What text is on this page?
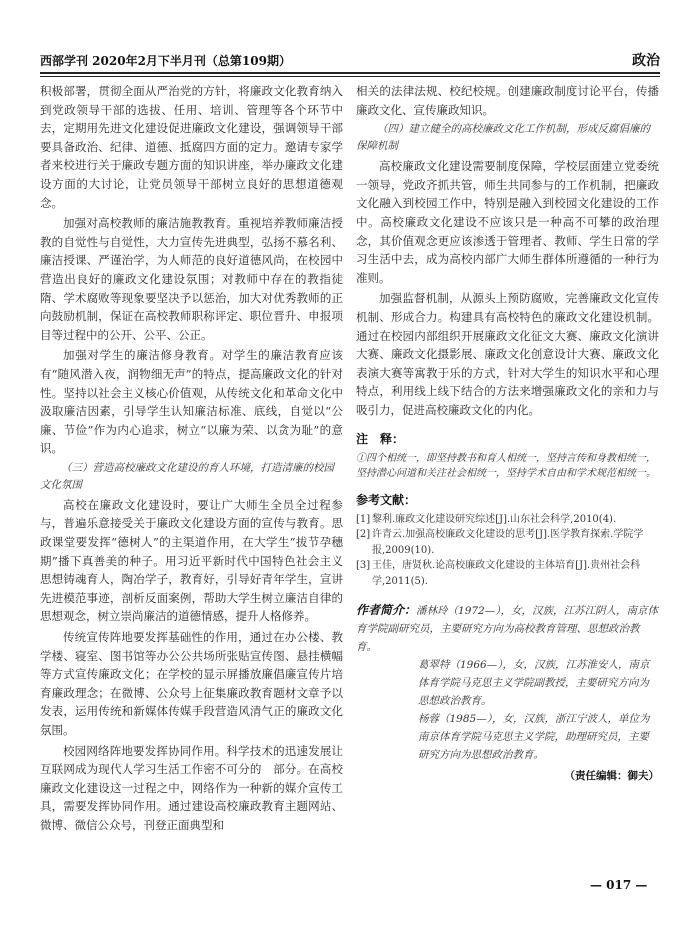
西部学刊 2020年2月下半月刊（总第109期）	政治

积极部署，贯彻全面从严治党的方针，将廉政文化教育纳入到党政领导干部的选拔、任用、培训、管理等各个环节中去，定期用先进文化建设促进廉政文化建设，强调领导干部要具备政治、纪律、道德、抵腐四方面的定力。邀请专家学者来校进行关于廉政专题方面的知识讲座，举办廉政文化建设方面的大讨论，让党员领导干部树立良好的思想道德观念。

加强对高校教师的廉洁施教教育。重视培养教师廉洁授教的自觉性与自觉性，大力宣传先进典型，弘扬不慕名利、廉洁授课、严谨治学，为人师范的良好道德风尚，在校园中营造出良好的廉政文化建设氛围；对教师中存在的教指徒隋、学术腐败等现象要坚决予以惩治，加大对优秀教师的正向鼓励机制，保证在高校教师职称评定、职位晋升、申报项目等过程中的公开、公平、公正。

加强对学生的廉洁修身教育。对学生的廉洁教育应该有“随风潜入夜，润物细无声”的特点，提高廉政文化的针对性。坚持以社会主义核心价值观，从传统文化和革命文化中汲取廉洁因素，引导学生认知廉洁标准、底线，自觉以“公廉、节俭”作为内心追求，树立“以廉为荣、以贪为耻”的意识。

（三）营造高校廉政文化建设的育人环境，打造清廉的校园文化氛围

高校在廉政文化建设时，要让广大师生全员全过程参与，普遍乐意接受关于廉政文化建设方面的宣传与教育。思政课堂要发挥“德树人”的主渠道作用，在大学生“拔节孕穗期”播下真善美的种子。用习近平新时代中国特色社会主义思想铸魂育人，陶冶学子，教育好，引导好青年学生，宣讲先进模范事迹，剖析反面案例，帮助大学生树立廉洁自律的思想观念，树立崇尚廉洁的道德情感，提升人格修养。

传统宣传阵地要发挥基础性的作用，通过在办公楼、教学楼、寝室、图书馆等办公公共场所张贴宣传图、悬挂横幅等方式宣传廉政文化；在学校的显示屏播放廉倡廉宣传片培育廉政理念；在微博、公众号上征集廉政教育题材文章予以发表，运用传统和新媒体传媒手段营造风清气正的廉政文化氛围。

校园网络阵地要发挥协同作用。科学技术的迅速发展让互联网成为现代人学习生活工作密不可分的　部分。在高校廉政文化建设这一过程之中，网络作为一种新的媒介宣传工具，需要发挥协同作用。通过建设高校廉政教育主题网站、微博、微信公众号，刊登正面典型和

相关的法律法规、校纪校规。创建廉政制度讨论平台，传播廉政文化、宣传廉政知识。

（四）建立健全的高校廉政文化工作机制，形成反腐倡廉的保障机制

高校廉政文化建设需要制度保障，学校层面建立党委统一领导，党政齐抓共管，师生共同参与的工作机制，把廉政文化融入到校园工作中，特别是融入到校园文化建设的工作中。高校廉政文化建设不应该只是一种高不可攀的政治理念，其价值观念更应该渗透于管理者、教师、学生日常的学习生活中去，成为高校内部广大师生群体所遵循的一种行为准则。

加强监督机制，从源头上预防腐败，完善廉政文化宣传机制、形成合力。构建具有高校特色的廉政文化建设机制。通过在校园内部组织开展廉政文化征文大赛、廉政文化演讲大赛、廉政文化摄影展、廉政文化创意设计大赛、廉政文化表演大赛等寓教于乐的方式，针对大学生的知识水平和心理特点，利用线上线下结合的方法来增强廉政文化的亲和力与吸引力，促进高校廉政文化的内化。

注　释：
①四个相统一，即坚持教书和育人相统一，坚持言传和身教相统一，坚持潜心问道和关注社会相统一，坚持学术自由和学术规范相统一。
参考文献：
[1] 黎利.廉政文化建设研究综述[J].山东社会科学,2010(4).
[2] 许青云.加强高校廉政文化建设的思考[J].医学教育探索.学院学报,2009(10).
[3] 王佳，唐贤秋.论高校廉政文化建设的主体培育[J].贵州社会科学,2011(5).
作者简介：潘林玲（1972—），女，汉族，江苏江阴人，南京体育学院副研究员，主要研究方向为高校教育管理、思想政治教育。
葛翠特（1966—），女，汉族，江苏淮安人，南京体育学院马克思主义学院副教授，主要研究方向为思想政治教育。
杨蓉（1985—），女，汉族，浙江宁波人，单位为南京体育学院马克思主义学院，助理研究员，主要研究方向为思想政治教育。
（责任编辑：御夫）
— 017 —
